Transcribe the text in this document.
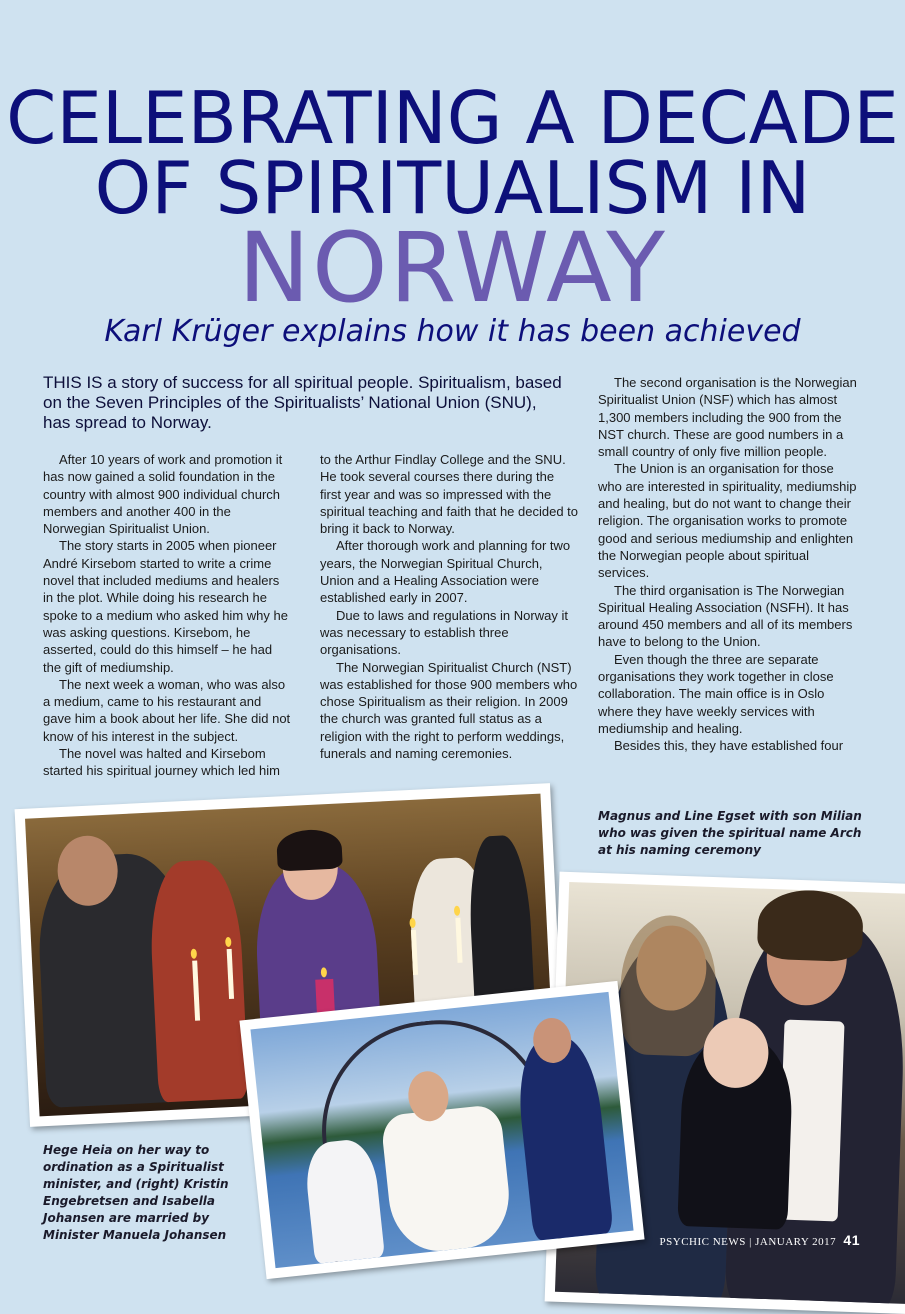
CELEBRATING A DECADE
OF SPIRITUALISM IN
NORWAY
Karl Krüger explains how it has been achieved
THIS IS a story of success for all spiritual people. Spiritualism, based on the Seven Principles of the Spiritualists’ National Union (SNU), has spread to Norway.

After 10 years of work and promotion it has now gained a solid foundation in the country with almost 900 individual church members and another 400 in the Norwegian Spiritualist Union.

The story starts in 2005 when pioneer André Kirsebom started to write a crime novel that included mediums and healers in the plot. While doing his research he spoke to a medium who asked him why he was asking questions. Kirsebom, he asserted, could do this himself – he had the gift of mediumship.

The next week a woman, who was also a medium, came to his restaurant and gave him a book about her life. She did not know of his interest in the subject.

The novel was halted and Kirsebom started his spiritual journey which led him

to the Arthur Findlay College and the SNU. He took several courses there during the first year and was so impressed with the spiritual teaching and faith that he decided to bring it back to Norway.

After thorough work and planning for two years, the Norwegian Spiritual Church, Union and a Healing Association were established early in 2007.

Due to laws and regulations in Norway it was necessary to establish three organisations.

The Norwegian Spiritualist Church (NST) was established for those 900 members who chose Spiritualism as their religion. In 2009 the church was granted full status as a religion with the right to perform weddings, funerals and naming ceremonies.

The second organisation is the Norwegian Spiritualist Union (NSF) which has almost 1,300 members including the 900 from the NST church. These are good numbers in a small country of only five million people.

The Union is an organisation for those who are interested in spirituality, mediumship and healing, but do not want to change their religion. The organisation works to promote good and serious mediumship and enlighten the Norwegian people about spiritual services.

The third organisation is The Norwegian Spiritual Healing Association (NSFH). It has around 450 members and all of its members have to belong to the Union.

Even though the three are separate organisations they work together in close collaboration. The main office is in Oslo where they have weekly services with mediumship and healing.

Besides this, they have established four

Magnus and Line Egset with son Milian who was given the spiritual name Arch at his naming ceremony
Hege Heia on her way to ordination as a Spiritualist minister, and (right) Kristin Engebretsen and Isabella Johansen are married by Minister Manuela Johansen	PSYCHIC NEWS | JANUARY 2017 41
